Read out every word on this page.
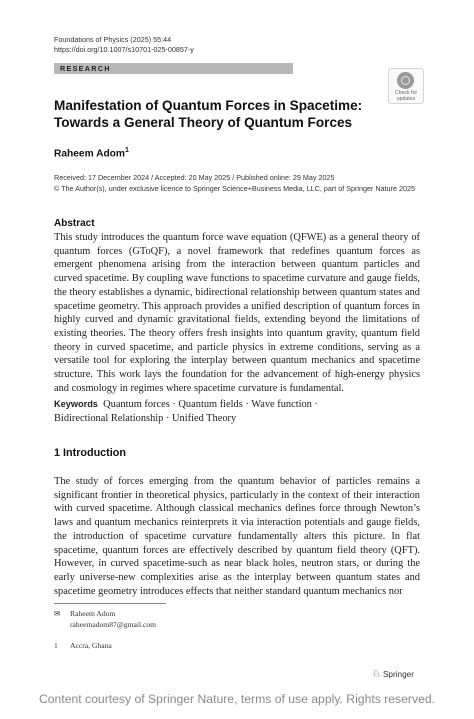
Foundations of Physics (2025) 55:44
https://doi.org/10.1007/s10701-025-00857-y
RESEARCH
Check for
updates
Manifestation of Quantum Forces in Spacetime: Towards a General Theory of Quantum Forces
Raheem Adom$^1$
Received: 17 December 2024 / Accepted: 20 May 2025 / Published online: 29 May 2025
© The Author(s), under exclusive licence to Springer Science+Business Media, LLC, part of Springer Nature 2025
Abstract
This study introduces the quantum force wave equation (QFWE) as a general theory of quantum forces (GToQF), a novel framework that redefines quantum forces as emergent phenomena arising from the interaction between quantum particles and curved spacetime. By coupling wave functions to spacetime curvature and gauge fields, the theory establishes a dynamic, bidirectional relationship between quantum states and spacetime geometry. This approach provides a unified description of quantum forces in highly curved and dynamic gravitational fields, extending beyond the limitations of existing theories. The theory offers fresh insights into quantum gravity, quantum field theory in curved spacetime, and particle physics in extreme conditions, serving as a versatile tool for exploring the interplay between quantum mechanics and spacetime structure. This work lays the foundation for the advancement of high-energy physics and cosmology in regimes where spacetime curvature is fundamental.
Keywords Quantum forces · Quantum fields · Wave function ·
Bidirectional Relationship · Unified Theory
1 Introduction
The study of forces emerging from the quantum behavior of particles remains a significant frontier in theoretical physics, particularly in the context of their interaction with curved spacetime. Although classical mechanics defines force through Newton’s laws and quantum mechanics reinterprets it via interaction potentials and gauge fields, the introduction of spacetime curvature fundamentally alters this picture. In flat spacetime, quantum forces are effectively described by quantum field theory (QFT). However, in curved spacetime-such as near black holes, neutron stars, or during the early universe-new complexities arise as the interplay between quantum states and spacetime geometry introduces effects that neither standard quantum mechanics nor
✉ Raheem Adom
raheemadom87@gmail.com
1 Accra, Ghana
♘ Springer
Content courtesy of Springer Nature, terms of use apply. Rights reserved.
